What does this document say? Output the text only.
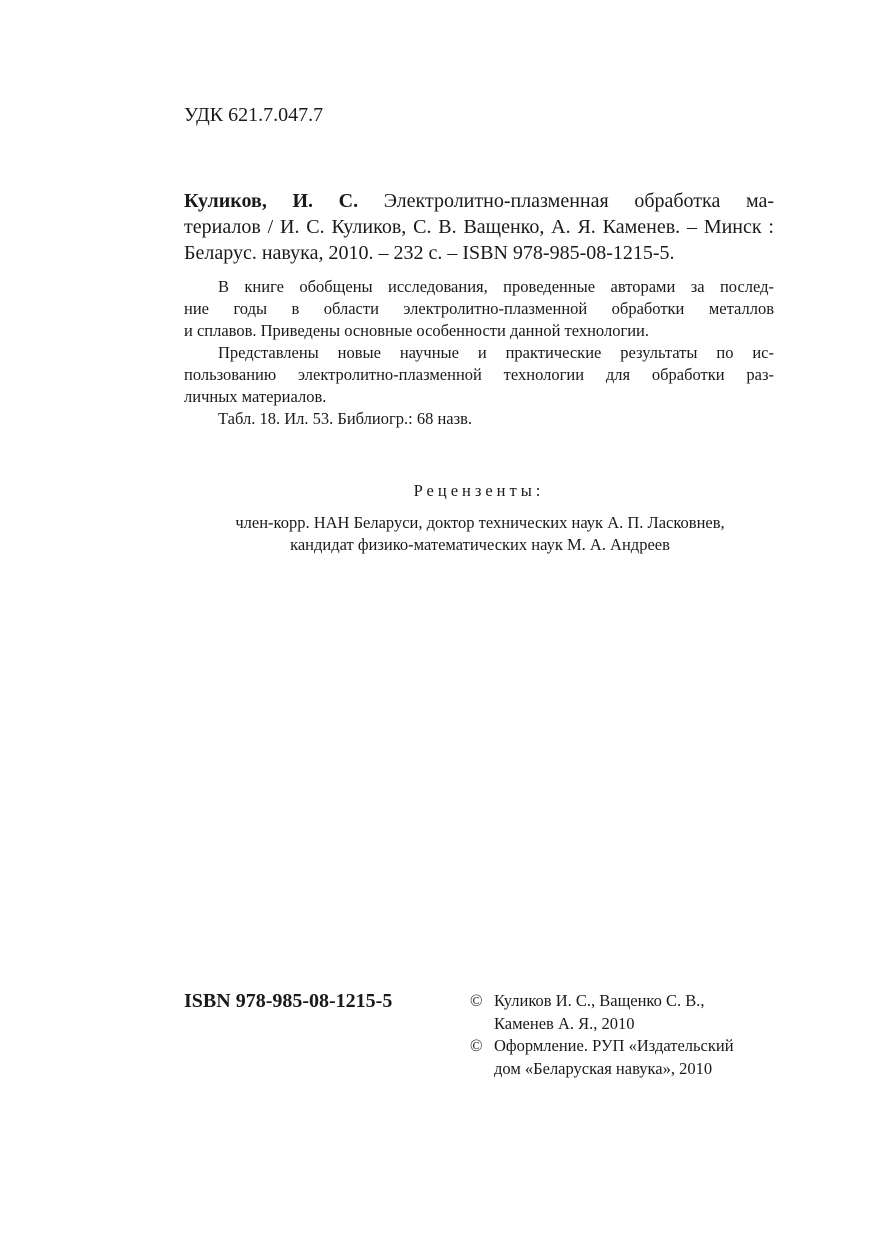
УДК 621.7.047.7
Куликов, И. С. Электролитно-плазменная обработка ма-
териалов / И. С. Куликов, С. В. Ващенко, А. Я. Каменев. – Минск :
Беларус. навука, 2010. – 232 с. – ISBN 978-985-08-1215-5.
В книге обобщены исследования, проведенные авторами за послед-
ние годы в области электролитно-плазменной обработки металлов
и сплавов. Приведены основные особенности данной технологии.
Представлены новые научные и практические результаты по ис-
пользованию электролитно-плазменной технологии для обработки раз-
личных материалов.
Табл. 18. Ил. 53. Библиогр.: 68 назв.
Рецензенты:
член-корр. НАН Беларуси, доктор технических наук А. П. Ласковнев,
кандидат физико-математических наук М. А. Андреев
ISBN 978-985-08-1215-5	© Куликов И. С., Ващенко С. В.,
Каменев А. Я., 2010
© Оформление. РУП «Издательский
дом «Беларуская навука», 2010
